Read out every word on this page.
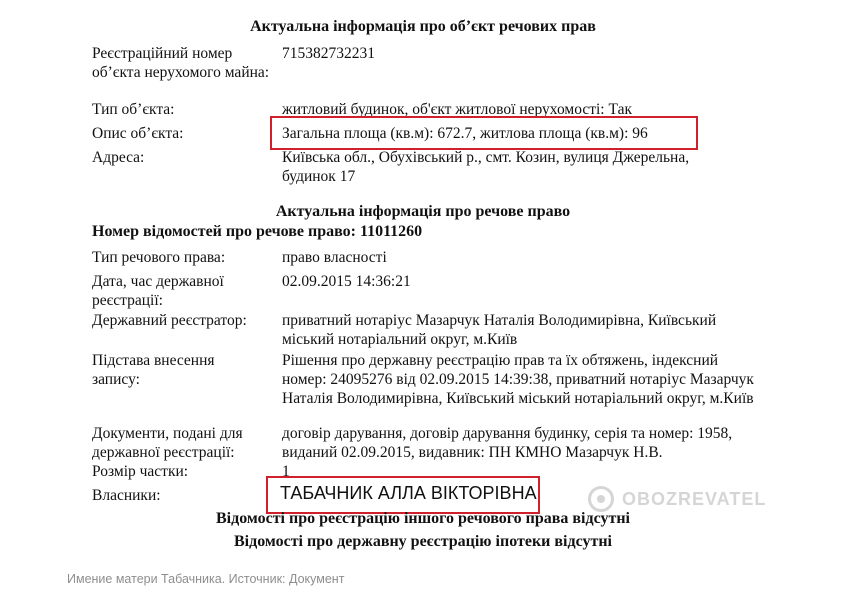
Актуальна інформація про об’єкт речових прав
Реєстраційний номер об’єкта нерухомого майна:
715382732231
Тип об’єкта:	житловий будинок, об'єкт житлової нерухомості: Так
Опис об’єкта:	Загальна площа (кв.м): 672.7, житлова площа (кв.м): 96
Адреса:	Київська обл., Обухівський р., смт. Козин, вулиця Джерельна, будинок 17
Актуальна інформація про речове право
Номер відомостей про речове право: 11011260
Тип речового права:	право власності
Дата, час державної реєстрації:
02.09.2015 14:36:21
Державний реєстратор:	приватний нотаріус Мазарчук Наталія Володимирівна, Київський міський нотаріальний округ, м.Київ
Підстава внесення запису:
Рішення про державну реєстрацію прав та їх обтяжень, індексний номер: 24095276 від 02.09.2015 14:39:38, приватний нотаріус Мазарчук Наталія Володимирівна, Київський міський нотаріальний округ, м.Київ
Документи, подані для державної реєстрації:
договір дарування, договір дарування будинку, серія та номер: 1958, виданий 02.09.2015, видавник: ПН КМНО Мазарчук Н.В.
Розмір частки:	1
Власники:	ТАБАЧНИК АЛЛА ВІКТОРІВНА	OBOZREVATEL
Відомості про реєстрацію іншого речового права відсутні
Відомості про державну реєстрацію іпотеки відсутні
Имение матери Табачника. Источник: Документ
